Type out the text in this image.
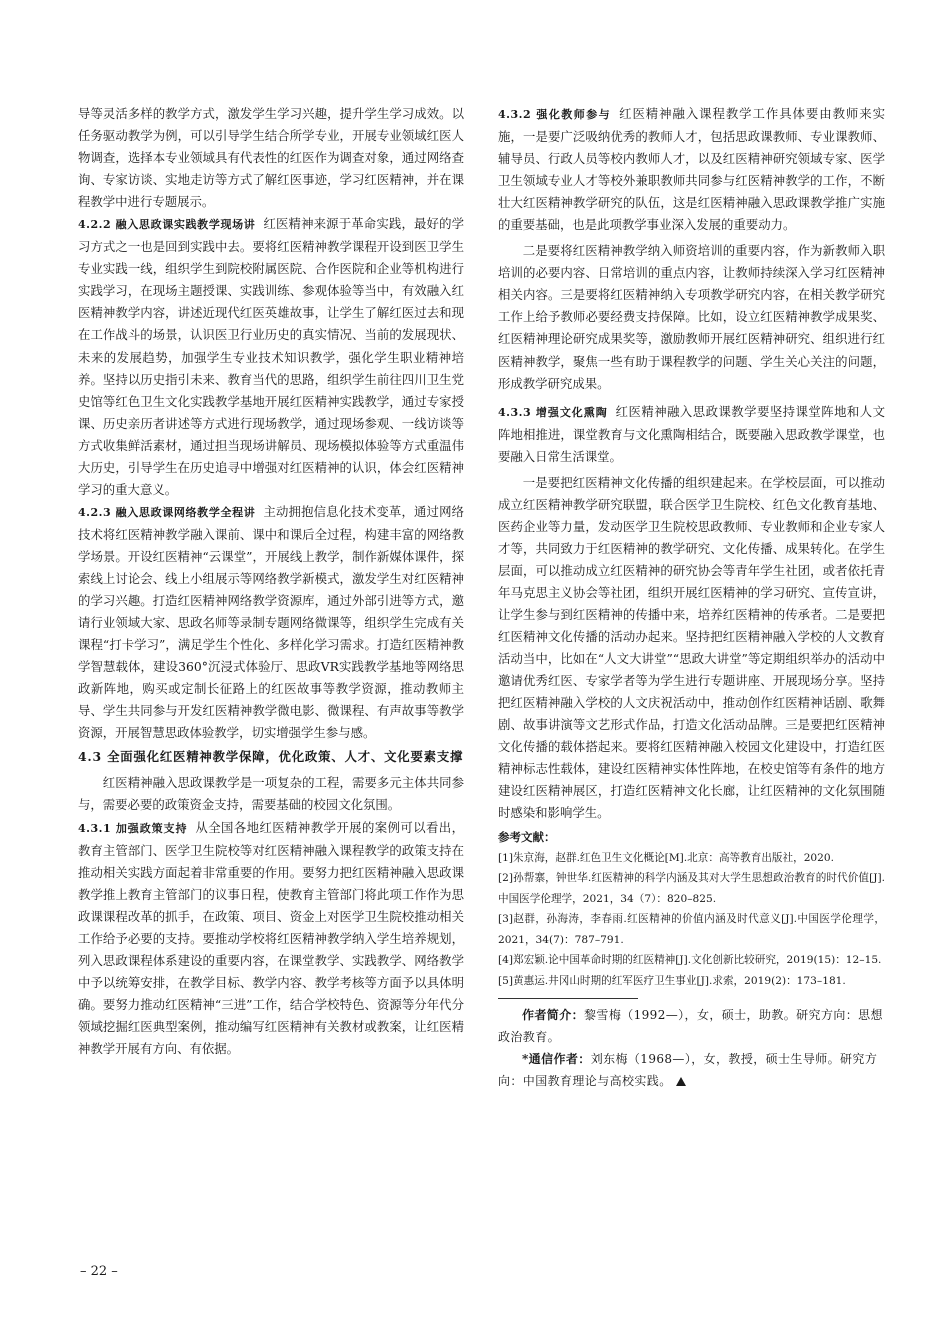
导等灵活多样的教学方式，激发学生学习兴趣，提升学生学习成效。以任务驱动教学为例，可以引导学生结合所学专业，开展专业领域红医人物调查，选择本专业领域具有代表性的红医作为调查对象，通过网络查询、专家访谈、实地走访等方式了解红医事迹，学习红医精神，并在课程教学中进行专题展示。

4.2.2 融入思政课实践教学现场讲 红医精神来源于革命实践，最好的学习方式之一也是回到实践中去。要将红医精神教学课程开设到医卫学生专业实践一线，组织学生到院校附属医院、合作医院和企业等机构进行实践学习，在现场主题授课、实践训练、参观体验等当中，有效融入红医精神教学内容，讲述近现代红医英雄故事，让学生了解红医过去和现在工作战斗的场景，认识医卫行业历史的真实情况、当前的发展现状、未来的发展趋势，加强学生专业技术知识教学，强化学生职业精神培养。坚持以历史指引未来、教育当代的思路，组织学生前往四川卫生党史馆等红色卫生文化实践教学基地开展红医精神实践教学，通过专家授课、历史亲历者讲述等方式进行现场教学，通过现场参观、一线访谈等方式收集鲜活素材，通过担当现场讲解员、现场模拟体验等方式重温伟大历史，引导学生在历史追寻中增强对红医精神的认识，体会红医精神学习的重大意义。

4.2.3 融入思政课网络教学全程讲 主动拥抱信息化技术变革，通过网络技术将红医精神教学融入课前、课中和课后全过程，构建丰富的网络教学场景。开设红医精神“云课堂”，开展线上教学，制作新媒体课件，探索线上讨论会、线上小组展示等网络教学新模式，激发学生对红医精神的学习兴趣。打造红医精神网络教学资源库，通过外部引进等方式，邀请行业领域大家、思政名师等录制专题网络微课等，组织学生完成有关课程“打卡学习”，满足学生个性化、多样化学习需求。打造红医精神教学智慧载体，建设360°沉浸式体验厅、思政VR实践教学基地等网络思政新阵地，购买或定制长征路上的红医故事等教学资源，推动教师主导、学生共同参与开发红医精神教学微电影、微课程、有声故事等教学资源，开展智慧思政体验教学，切实增强学生参与感。

4.3 全面强化红医精神教学保障，优化政策、人才、文化要素支撑

红医精神融入思政课教学是一项复杂的工程，需要多元主体共同参与，需要必要的政策资金支持，需要基础的校园文化氛围。

4.3.1 加强政策支持 从全国各地红医精神教学开展的案例可以看出，教育主管部门、医学卫生院校等对红医精神融入课程教学的政策支持在推动相关实践方面起着非常重要的作用。要努力把红医精神融入思政课教学推上教育主管部门的议事日程，使教育主管部门将此项工作作为思政课课程改革的抓手，在政策、项目、资金上对医学卫生院校推动相关工作给予必要的支持。要推动学校将红医精神教学纳入学生培养规划，列入思政课程体系建设的重要内容，在课堂教学、实践教学、网络教学中予以统筹安排，在教学目标、教学内容、教学考核等方面予以具体明确。要努力推动红医精神“三进”工作，结合学校特色、资源等分年代分领域挖掘红医典型案例，推动编写红医精神有关教材或教案，让红医精神教学开展有方向、有依据。

4.3.2 强化教师参与 红医精神融入课程教学工作具体要由教师来实施，一是要广泛吸纳优秀的教师人才，包括思政课教师、专业课教师、辅导员、行政人员等校内教师人才，以及红医精神研究领域专家、医学卫生领域专业人才等校外兼职教师共同参与红医精神教学的工作，不断壮大红医精神教学研究的队伍，这是红医精神融入思政课教学推广实施的重要基础，也是此项教学事业深入发展的重要动力。

二是要将红医精神教学纳入师资培训的重要内容，作为新教师入职培训的必要内容、日常培训的重点内容，让教师持续深入学习红医精神相关内容。三是要将红医精神纳入专项教学研究内容，在相关教学研究工作上给予教师必要经费支持保障。比如，设立红医精神教学成果奖、红医精神理论研究成果奖等，激励教师开展红医精神研究、组织进行红医精神教学，聚焦一些有助于课程教学的问题、学生关心关注的问题，形成教学研究成果。

4.3.3 增强文化熏陶 红医精神融入思政课教学要坚持课堂阵地和人文阵地相推进，课堂教育与文化熏陶相结合，既要融入思政教学课堂，也要融入日常生活课堂。

一是要把红医精神文化传播的组织建起来。在学校层面，可以推动成立红医精神教学研究联盟，联合医学卫生院校、红色文化教育基地、医药企业等力量，发动医学卫生院校思政教师、专业教师和企业专家人才等，共同致力于红医精神的教学研究、文化传播、成果转化。在学生层面，可以推动成立红医精神的研究协会等青年学生社团，或者依托青年马克思主义协会等社团，组织开展红医精神的学习研究、宣传宣讲，让学生参与到红医精神的传播中来，培养红医精神的传承者。二是要把红医精神文化传播的活动办起来。坚持把红医精神融入学校的人文教育活动当中，比如在“人文大讲堂”“思政大讲堂”等定期组织举办的活动中邀请优秀红医、专家学者等为学生进行专题讲座、开展现场分享。坚持把红医精神融入学校的人文庆祝活动中，推动创作红医精神话剧、歌舞剧、故事讲演等文艺形式作品，打造文化活动品牌。三是要把红医精神文化传播的载体搭起来。要将红医精神融入校园文化建设中，打造红医精神标志性载体，建设红医精神实体性阵地，在校史馆等有条件的地方建设红医精神展区，打造红医精神文化长廊，让红医精神的文化氛围随时感染和影响学生。

参考文献：

[1]朱京海，赵群.红色卫生文化概论[M].北京：高等教育出版社，2020.

[2]孙帮寨，钟世华.红医精神的科学内涵及其对大学生思想政治教育的时代价值[J].中国医学伦理学，2021，34（7）：820–825.

[3]赵群，孙海涛，李春雨.红医精神的价值内涵及时代意义[J].中国医学伦理学，2021，34(7)：787–791.

[4]郑宏颖.论中国革命时期的红医精神[J].文化创新比较研究，2019(15)：12–15.

[5]黄惠运.井冈山时期的红军医疗卫生事业[J].求索，2019(2)：173–181.

作者简介：黎雪梅（1992—），女，硕士，助教。研究方向：思想政治教育。

*通信作者：刘东梅（1968—），女，教授，硕士生导师。研究方向：中国教育理论与高校实践。

– 22 –
